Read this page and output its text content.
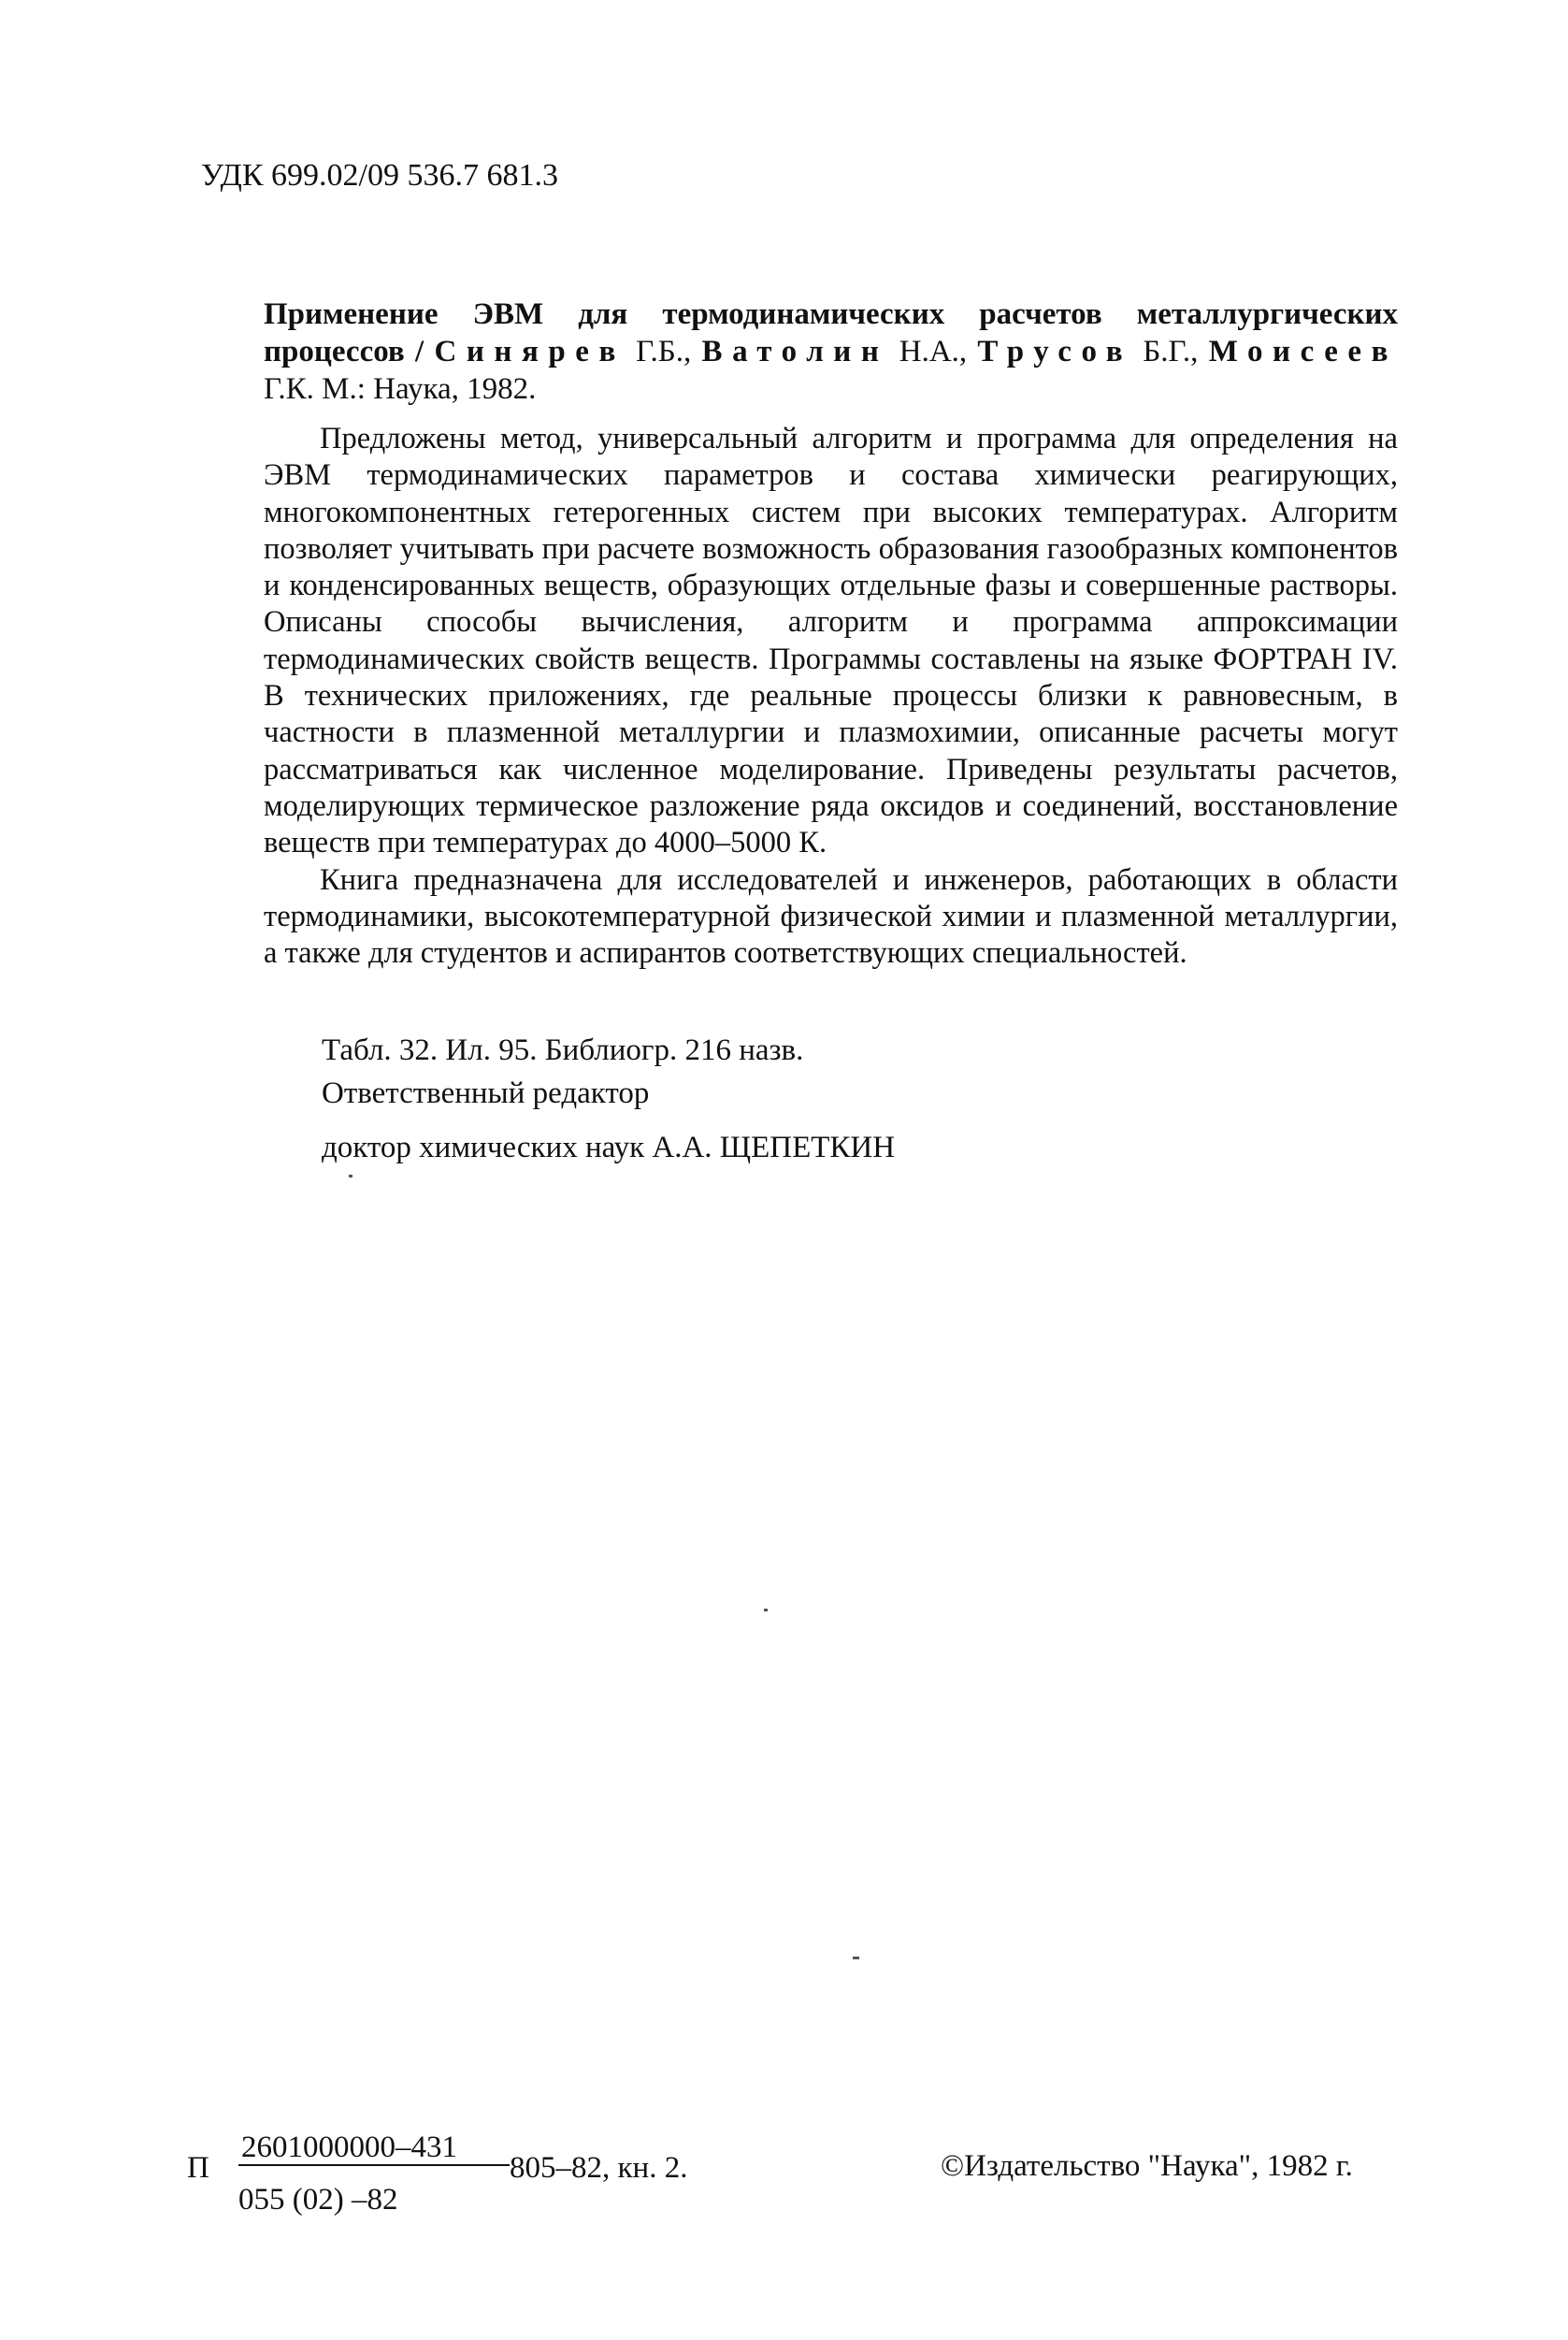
УДК 699.02/09 536.7 681.3
Применение ЭВМ для термодинамических расчетов металлургических процессов / Синярев Г.Б., Ватолин Н.А., Трусов Б.Г., Моисеев Г.К. М.: Наука, 1982.

Предложены метод, универсальный алгоритм и программа для определения на ЭВМ термодинамических параметров и состава химически реагирующих, многокомпонентных гетерогенных систем при высоких температурах. Алгоритм позволяет учитывать при расчете возможность образования газообразных компонентов и конденсированных веществ, образующих отдельные фазы и совершенные растворы. Описаны способы вычисления, алгоритм и программа аппроксимации термодинамических свойств веществ. Программы составлены на языке ФОРТРАН IV. В технических приложениях, где реальные процессы близки к равновесным, в частности в плазменной металлургии и плазмохимии, описанные расчеты могут рассматриваться как численное моделирование. Приведены результаты расчетов, моделирующих термическое разложение ряда оксидов и соединений, восстановление веществ при температурах до 4000–5000 К.

Книга предназначена для исследователей и инженеров, работающих в области термодинамики, высокотемпературной физической химии и плазменной металлургии, а также для студентов и аспирантов соответствующих специальностей.

Табл. 32. Ил. 95. Библиогр. 216 назв.
Ответственный редактор
доктор химических наук А.А. ЩЕПЕТКИН
П
2601000000–431
055 (02) –82
805–82, кн. 2.	©Издательство "Наука", 1982 г.
